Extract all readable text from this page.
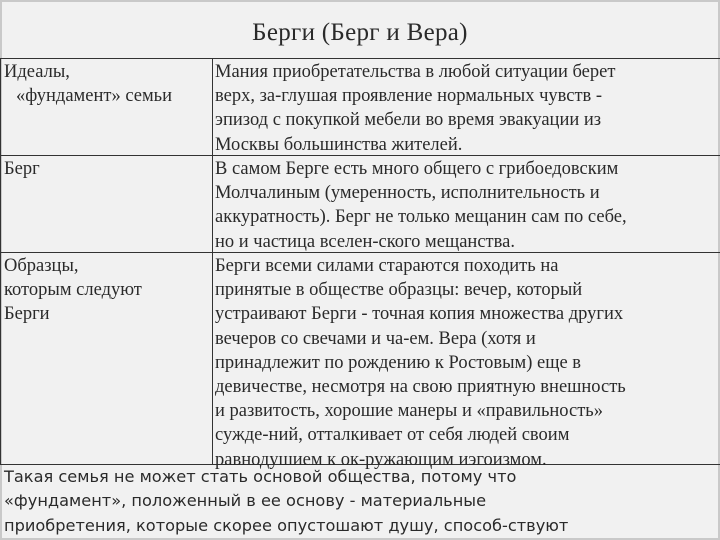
Берги (Берг и Вера)
Идеалы,
«фундамент» семьи
Мания приобретательства в любой ситуации берет
верх, за-глушая проявление нормальных чувств -
эпизод с покупкой мебели во время эвакуации из
Москвы большинства жителей.
Берг	В самом Берге есть много общего с грибоедовским
Молчалиным (умеренность, исполнительность и
аккуратность). Берг не только мещанин сам по себе,
но и частица вселен-ского мещанства.
Образцы,
которым следуют
Берги
Берги всеми силами стараются походить на
принятые в обществе образцы: вечер, который
устраивают Берги - точная копия множества других
вечеров со свечами и ча-ем. Вера (хотя и
принадлежит по рождению к Ростовым) еще в
девичестве, несмотря на свою приятную внешность
и развитость, хорошие манеры и «правильность»
сужде-ний, отталкивает от себя людей своим
равнодушием к ок-ружающим иэгоизмом.
Такая семья не может стать основой общества, потому что
«фундамент», положенный в ее основу - материальные
приобретения, которые скорее опустошают душу, способ-ствуют
